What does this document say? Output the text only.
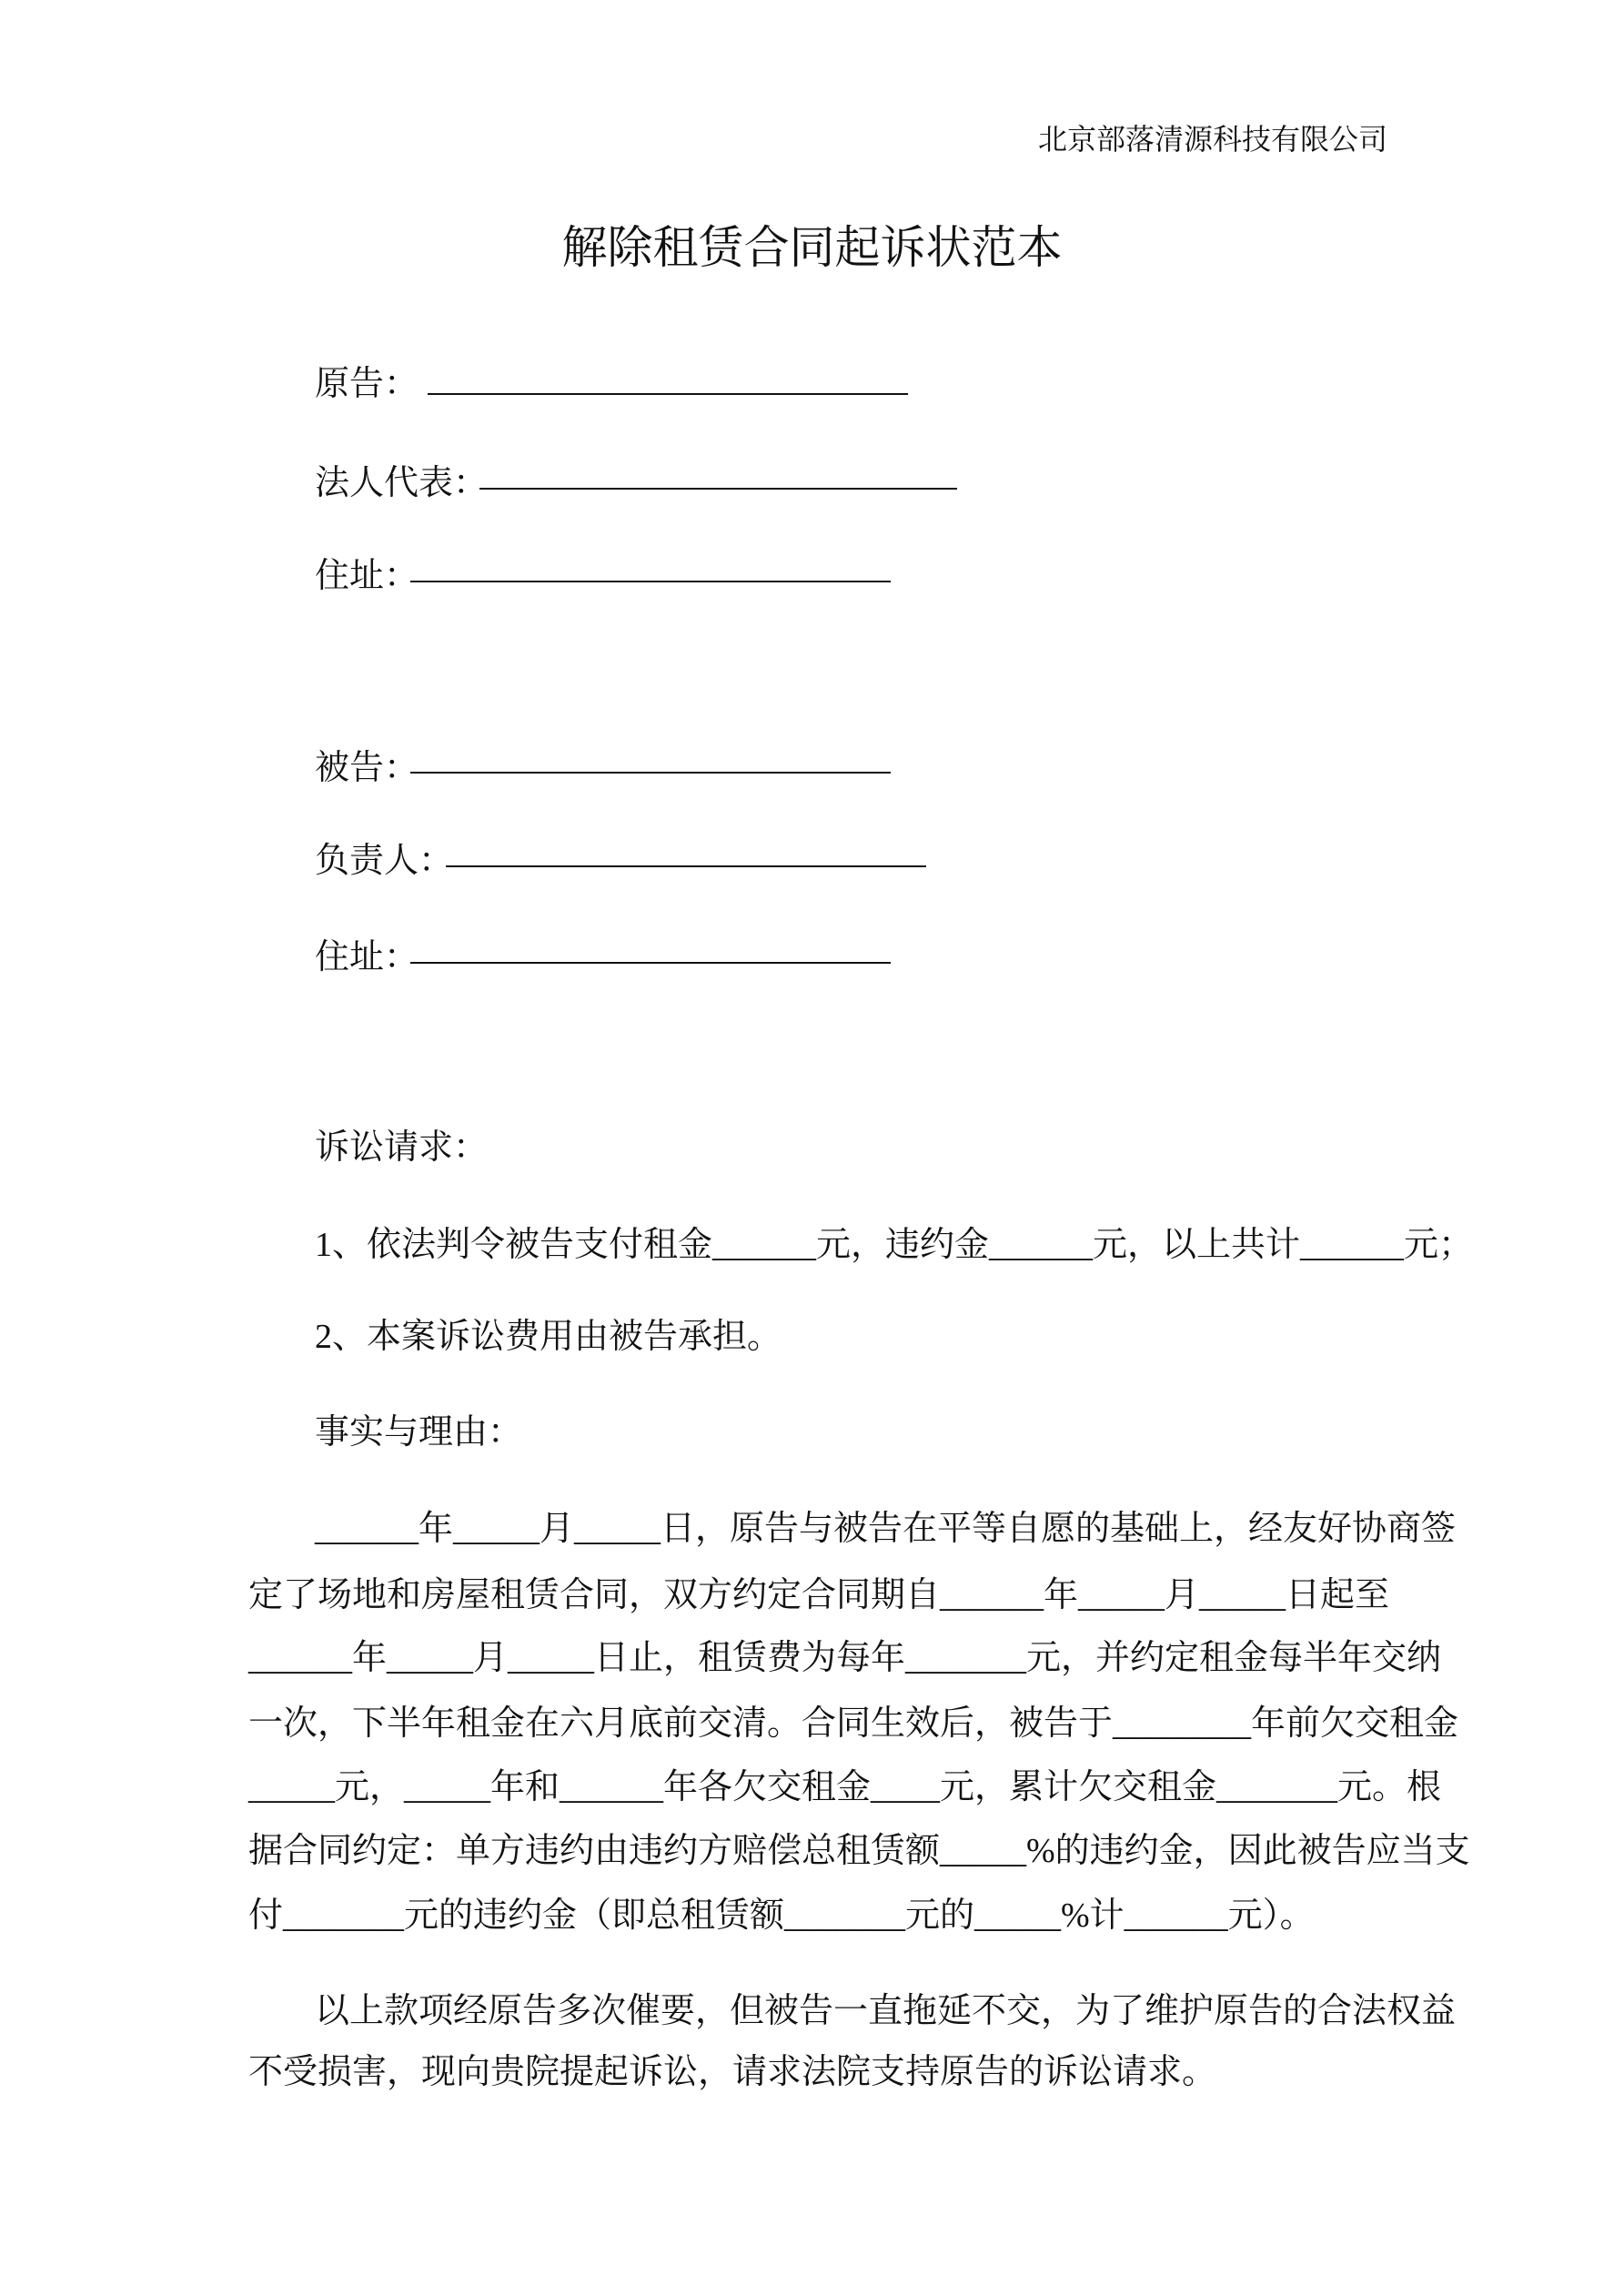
北京部落清源科技有限公司
解除租赁合同起诉状范本
原告：
法人代表：
住址：
被告：
负责人：
住址：
诉讼请求：
1、依法判令被告支付租金______元，违约金______元，以上共计______元；
2、本案诉讼费用由被告承担。
事实与理由：
______年_____月_____日，原告与被告在平等自愿的基础上，经友好协商签
定了场地和房屋租赁合同，双方约定合同期自______年_____月_____日起至
______年_____月_____日止，租赁费为每年_______元，并约定租金每半年交纳
一次，下半年租金在六月底前交清。合同生效后，被告于________年前欠交租金
_____元，_____年和______年各欠交租金____元，累计欠交租金_______元。根
据合同约定：单方违约由违约方赔偿总租赁额_____%的违约金，因此被告应当支
付_______元的违约金（即总租赁额_______元的_____%计______元）。
以上款项经原告多次催要，但被告一直拖延不交，为了维护原告的合法权益
不受损害，现向贵院提起诉讼，请求法院支持原告的诉讼请求。
